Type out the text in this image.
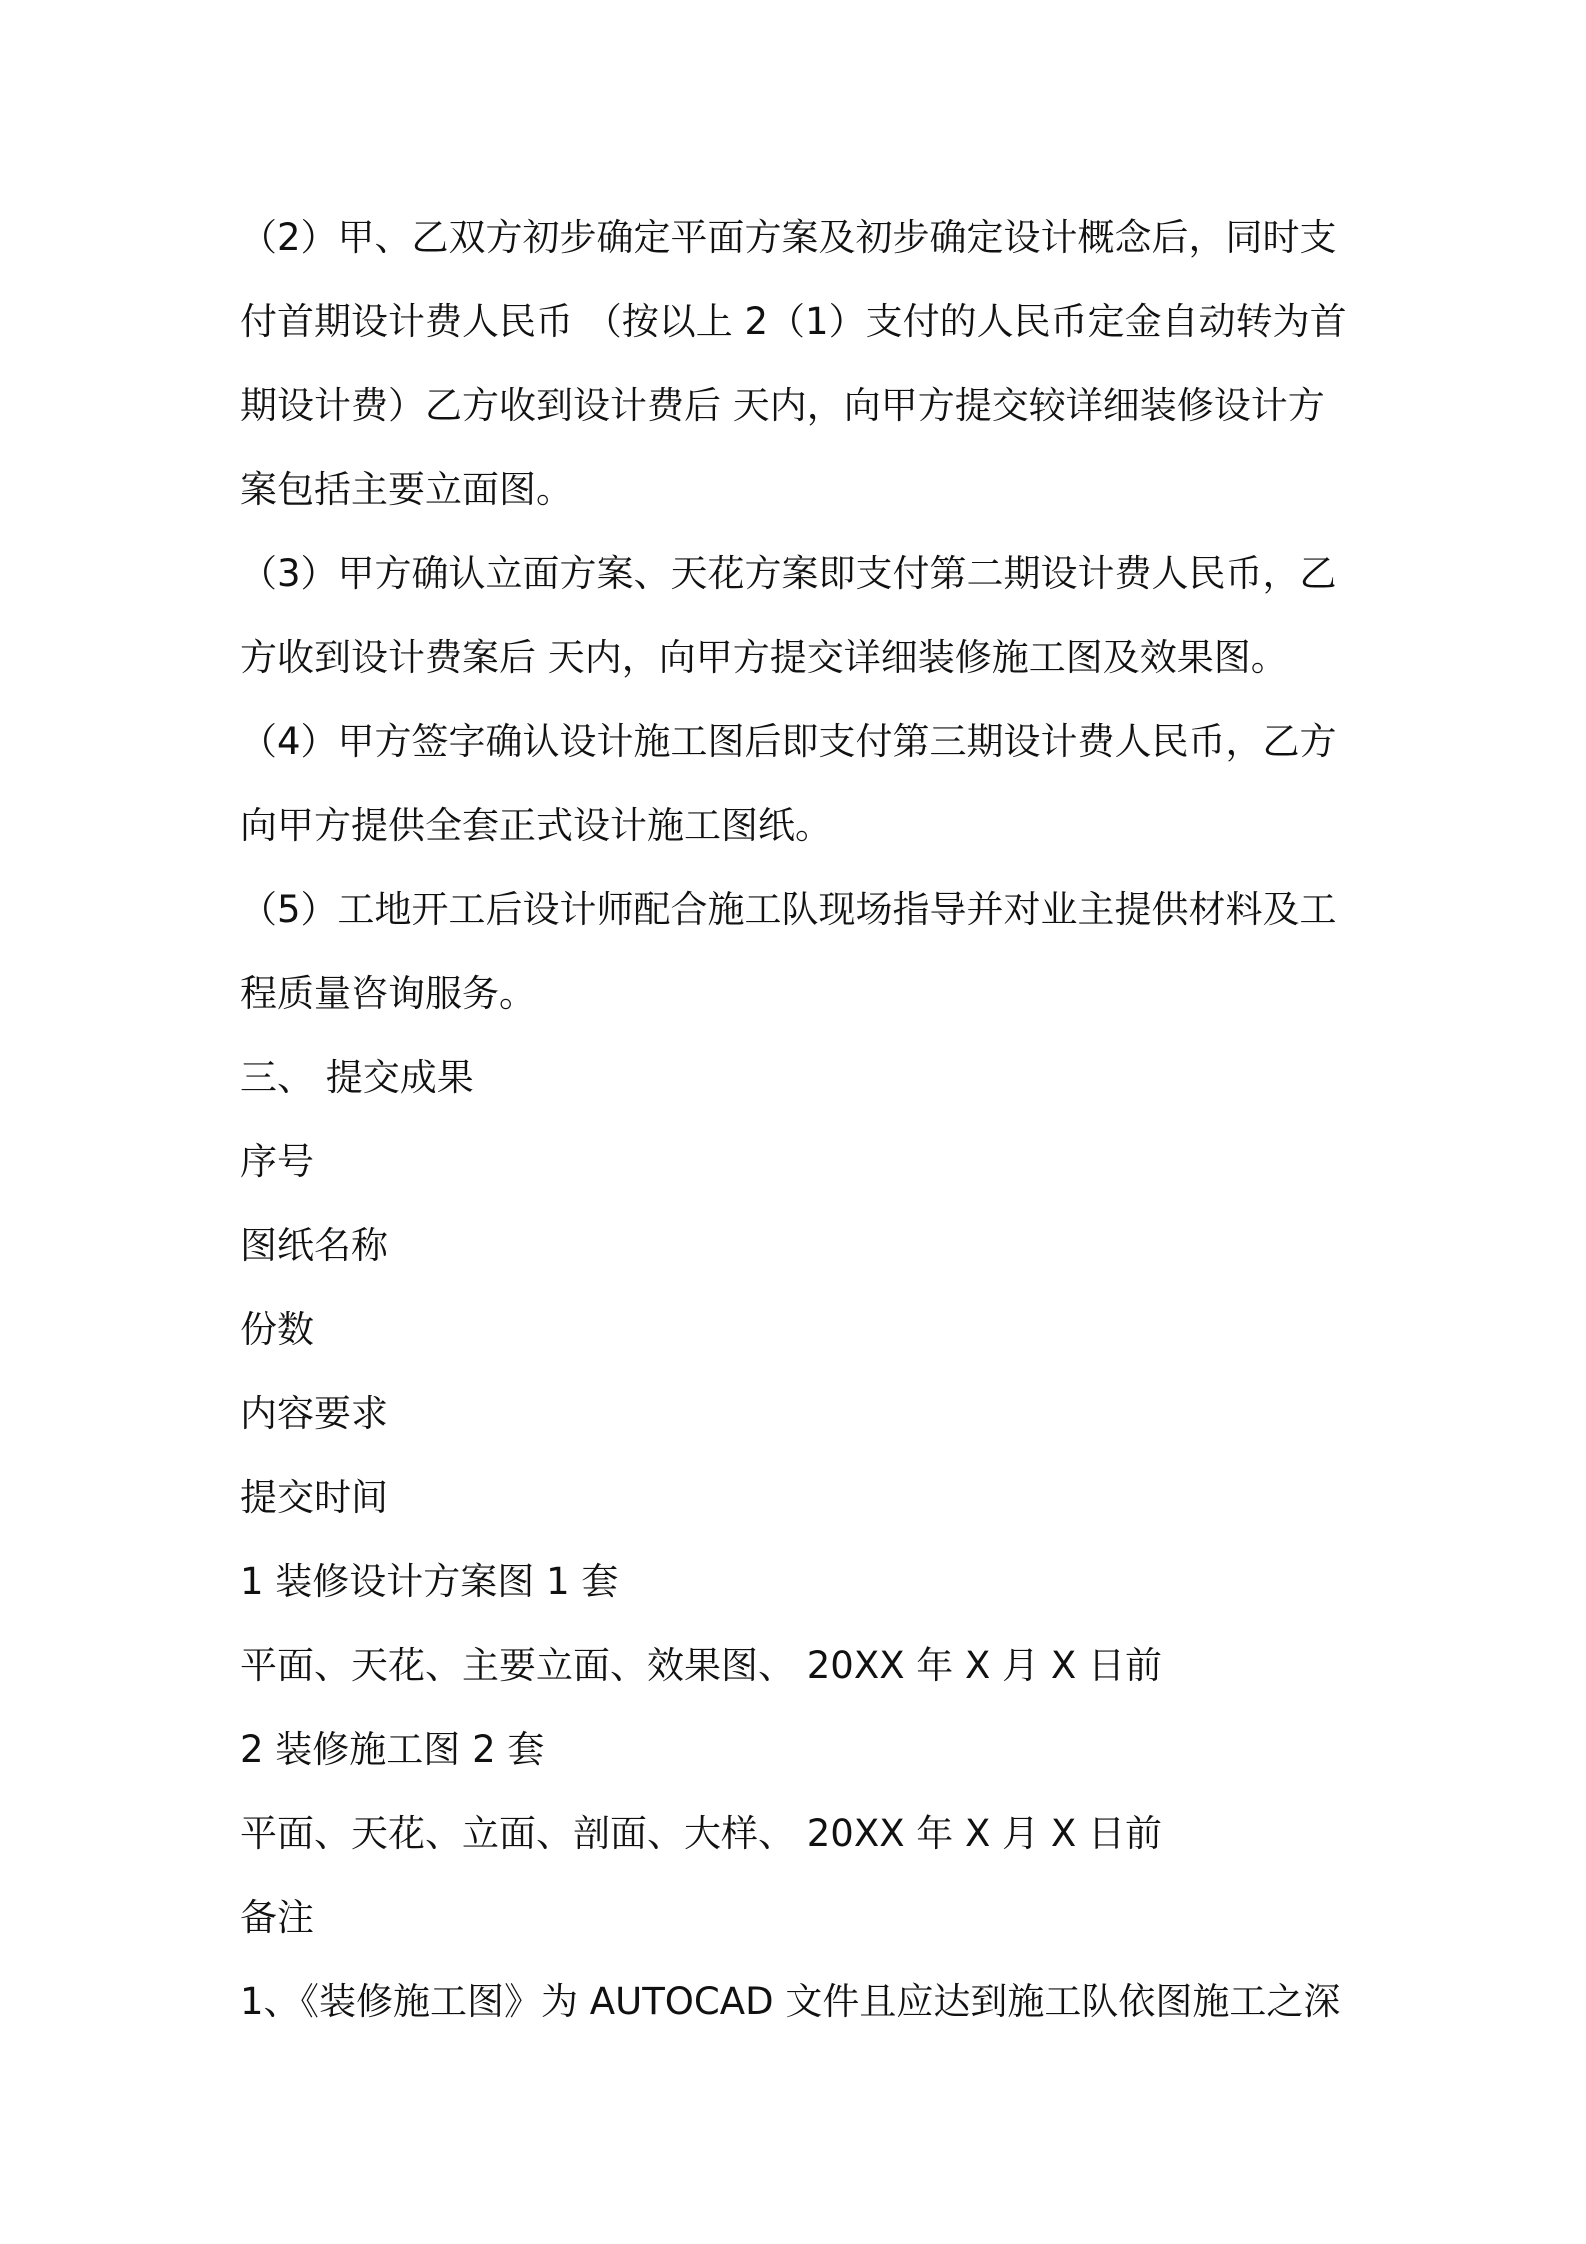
（2）甲、乙双方初步确定平面方案及初步确定设计概念后，同时支
付首期设计费人民币 （按以上 2（1）支付的人民币定金自动转为首
期设计费）乙方收到设计费后 天内，向甲方提交较详细装修设计方
案包括主要立面图。
（3）甲方确认立面方案、天花方案即支付第二期设计费人民币，乙
方收到设计费案后 天内，向甲方提交详细装修施工图及效果图。
（4）甲方签字确认设计施工图后即支付第三期设计费人民币，乙方
向甲方提供全套正式设计施工图纸。
（5）工地开工后设计师配合施工队现场指导并对业主提供材料及工
程质量咨询服务。
三、 提交成果
序号
图纸名称
份数
内容要求
提交时间
1 装修设计方案图 1 套
平面、天花、主要立面、效果图、 20XX 年 X 月 X 日前
2 装修施工图 2 套
平面、天花、立面、剖面、大样、 20XX 年 X 月 X 日前
备注
1、《装修施工图》为 AUTOCAD 文件且应达到施工队依图施工之深
